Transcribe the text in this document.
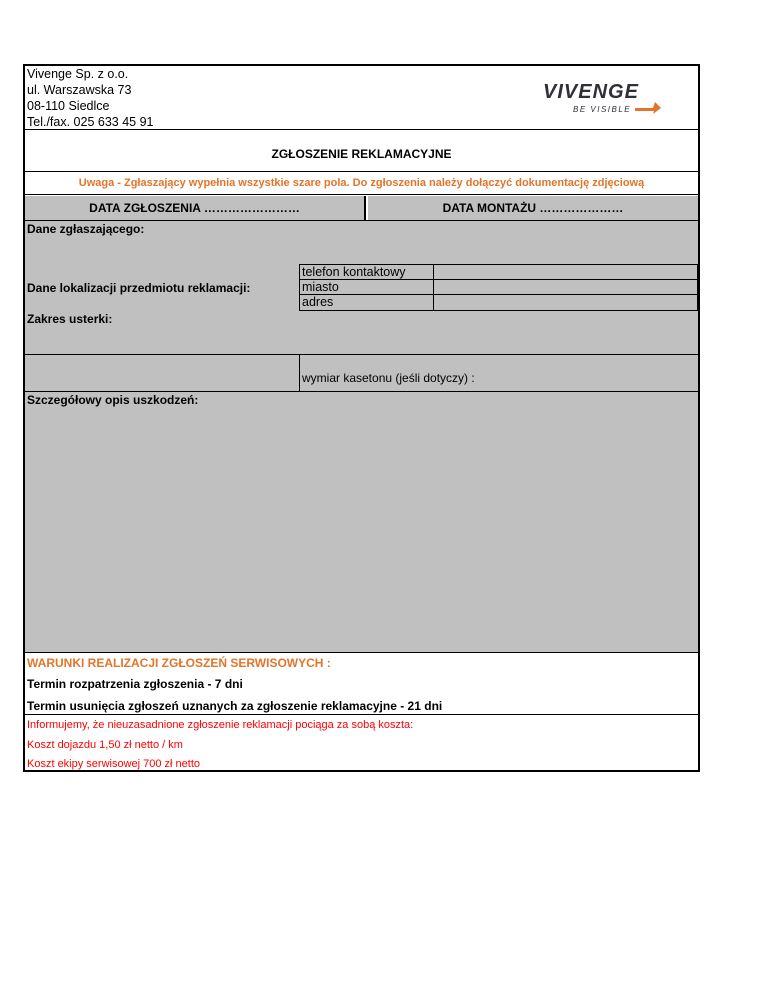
Vivenge Sp. z o.o.
ul. Warszawska 73
08-110 Siedlce
Tel./fax. 025 633 45 91
VIVENGE
BE VISIBLE
ZGŁOSZENIE REKLAMACYJNE
Uwaga - Zgłaszający wypełnia wszystkie szare pola. Do zgłoszenia należy dołączyć dokumentację zdjęciową
DATA ZGŁOSZENIA ……………………	DATA MONTAŻU …………………
Dane zgłaszającego:
Dane lokalizacji przedmiotu reklamacji:
telefon kontaktowy
miasto
adres
Zakres usterki:
wymiar kasetonu (jeśli dotyczy) :
Szczegółowy opis uszkodzeń:
WARUNKI REALIZACJI ZGŁOSZEŃ SERWISOWYCH :
Termin rozpatrzenia zgłoszenia - 7 dni
Termin usunięcia zgłoszeń uznanych za zgłoszenie reklamacyjne - 21 dni
Informujemy, że nieuzasadnione zgłoszenie reklamacji pociąga za sobą koszta:
Koszt dojazdu 1,50 zł netto / km
Koszt ekipy serwisowej 700 zł netto
